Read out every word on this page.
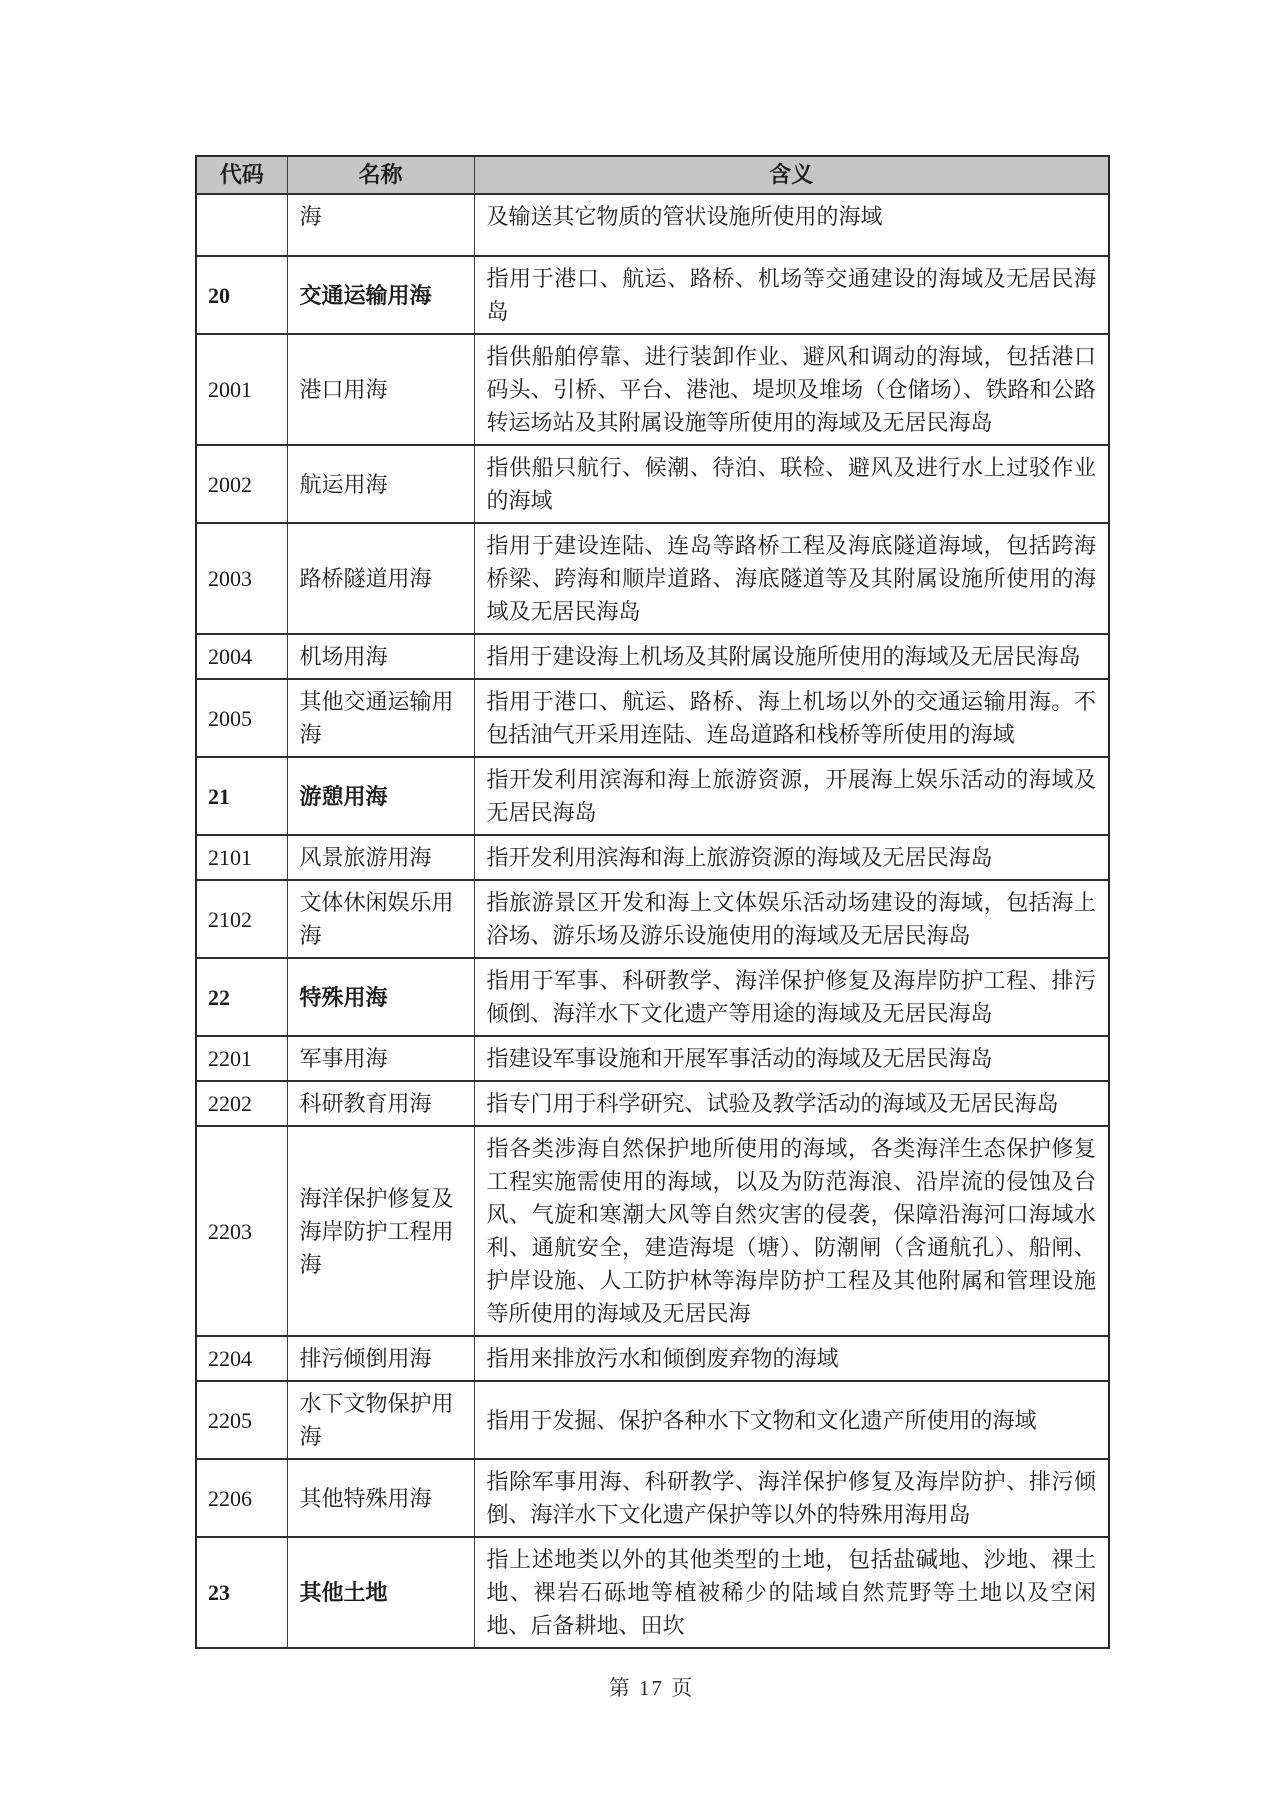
代码	名称	含义
	海	及输送其它物质的管状设施所使用的海域
20	交通运输用海	指用于港口、航运、路桥、机场等交通建设的海域及无居民海岛
2001	港口用海	指供船舶停靠、进行装卸作业、避风和调动的海域，包括港口码头、引桥、平台、港池、堤坝及堆场（仓储场）、铁路和公路转运场站及其附属设施等所使用的海域及无居民海岛
2002	航运用海	指供船只航行、候潮、待泊、联检、避风及进行水上过驳作业的海域
2003	路桥隧道用海	指用于建设连陆、连岛等路桥工程及海底隧道海域，包括跨海桥梁、跨海和顺岸道路、海底隧道等及其附属设施所使用的海域及无居民海岛
2004	机场用海	指用于建设海上机场及其附属设施所使用的海域及无居民海岛
2005	其他交通运输用海	指用于港口、航运、路桥、海上机场以外的交通运输用海。不包括油气开采用连陆、连岛道路和栈桥等所使用的海域
21	游憩用海	指开发利用滨海和海上旅游资源，开展海上娱乐活动的海域及无居民海岛
2101	风景旅游用海	指开发利用滨海和海上旅游资源的海域及无居民海岛
2102	文体休闲娱乐用海	指旅游景区开发和海上文体娱乐活动场建设的海域，包括海上浴场、游乐场及游乐设施使用的海域及无居民海岛
22	特殊用海	指用于军事、科研教学、海洋保护修复及海岸防护工程、排污倾倒、海洋水下文化遗产等用途的海域及无居民海岛
2201	军事用海	指建设军事设施和开展军事活动的海域及无居民海岛
2202	科研教育用海	指专门用于科学研究、试验及教学活动的海域及无居民海岛
2203	海洋保护修复及海岸防护工程用海	指各类涉海自然保护地所使用的海域，各类海洋生态保护修复工程实施需使用的海域，以及为防范海浪、沿岸流的侵蚀及台风、气旋和寒潮大风等自然灾害的侵袭，保障沿海河口海域水利、通航安全，建造海堤（塘）、防潮闸（含通航孔）、船闸、护岸设施、人工防护林等海岸防护工程及其他附属和管理设施等所使用的海域及无居民海
2204	排污倾倒用海	指用来排放污水和倾倒废弃物的海域
2205	水下文物保护用海	指用于发掘、保护各种水下文物和文化遗产所使用的海域
2206	其他特殊用海	指除军事用海、科研教学、海洋保护修复及海岸防护、排污倾倒、海洋水下文化遗产保护等以外的特殊用海用岛
23	其他土地	指上述地类以外的其他类型的土地，包括盐碱地、沙地、裸土地、裸岩石砾地等植被稀少的陆域自然荒野等土地以及空闲地、后备耕地、田坎
第 17 页
